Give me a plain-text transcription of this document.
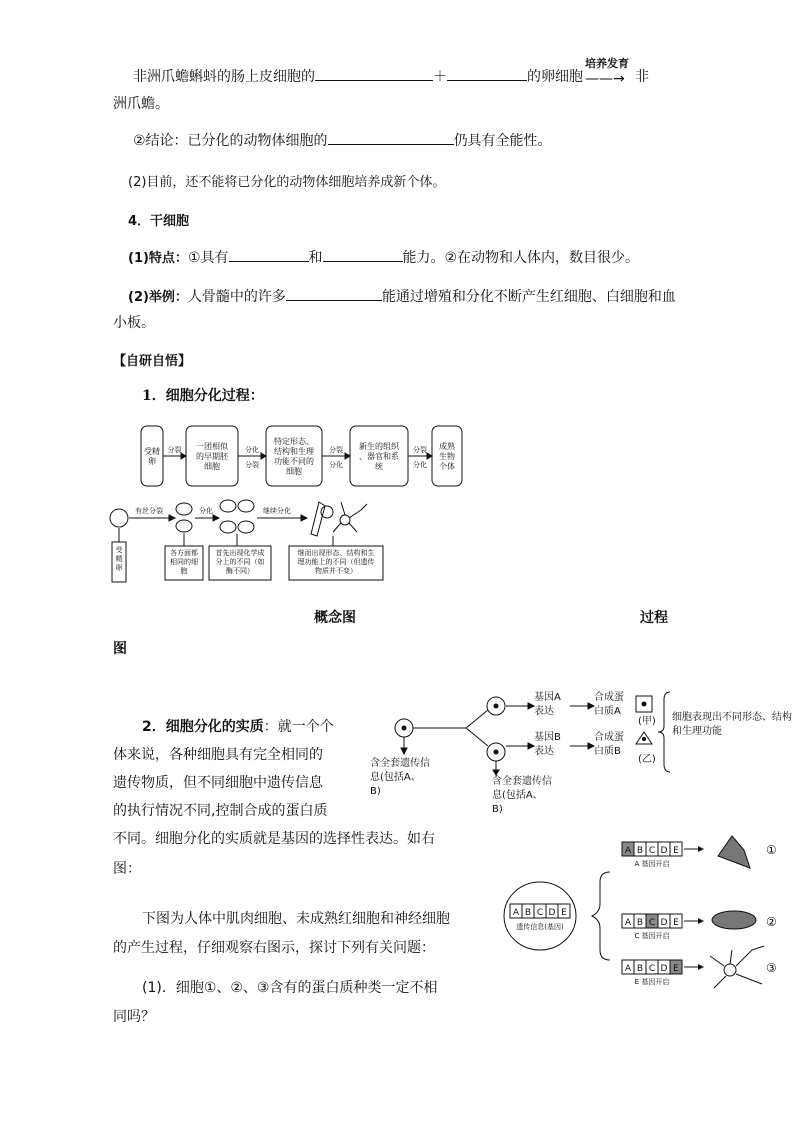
非洲爪蟾蝌蚪的肠上皮细胞的	＋	的卵细胞
培养发育
——→ 非
洲爪蟾。
②结论：已分化的动物体细胞的	仍具有全能性。
(2)目前，还不能将已分化的动物体细胞培养成新个体。
4．干细胞
(1)特点：①具有	和	能力。②在动物和人体内，数目很少。
(2)举例：人骨髓中的许多	能通过增殖和分化不断产生红细胞、白细胞和血
小板。
【自研自悟】
1．细胞分化过程：
受精
卵
一团相似
的早期胚
细胞
特定形态、
结构和生理
功能不同的
细胞
新生的组织
、器官和系
统
成熟
生物
个体
分裂	分化
分裂
分裂
分化
分裂
分化
有丝分裂	分化	继续分化
受
精
卵
各方面都
相同的细
胞
首先出现化学成
分上的不同（如
酶不同）
继而出现形态、结构和生
理功能上的不同（但遗传
物质并不变）
概念图	过程
图
2．细胞分化的实质：就一个个
体来说，各种细胞具有完全相同的
遗传物质，但不同细胞中遗传信息
的执行情况不同,控制合成的蛋白质
不同。细胞分化的实质就是基因的选择性表达。如右
图：
基因A
表达
合成蛋
白质A
(甲)
基因B
表达
合成蛋
白质B
(乙)
含全套遗传信
息(包括A、
B)
含全套遗传信
息(包括A、
B)
细胞表现出不同形态、结构
和生理功能
下图为人体中肌肉细胞、未成熟红细胞和神经细胞
的产生过程，仔细观察右图示，探讨下列有关问题：
(1)．细胞①、②、③含有的蛋白质种类一定不相
同吗？
A B C D E
遗传信息(基因)
A B C D E
A 基因开启
①
A B C D E
C 基因开启
②
A B C D E
E 基因开启
③
